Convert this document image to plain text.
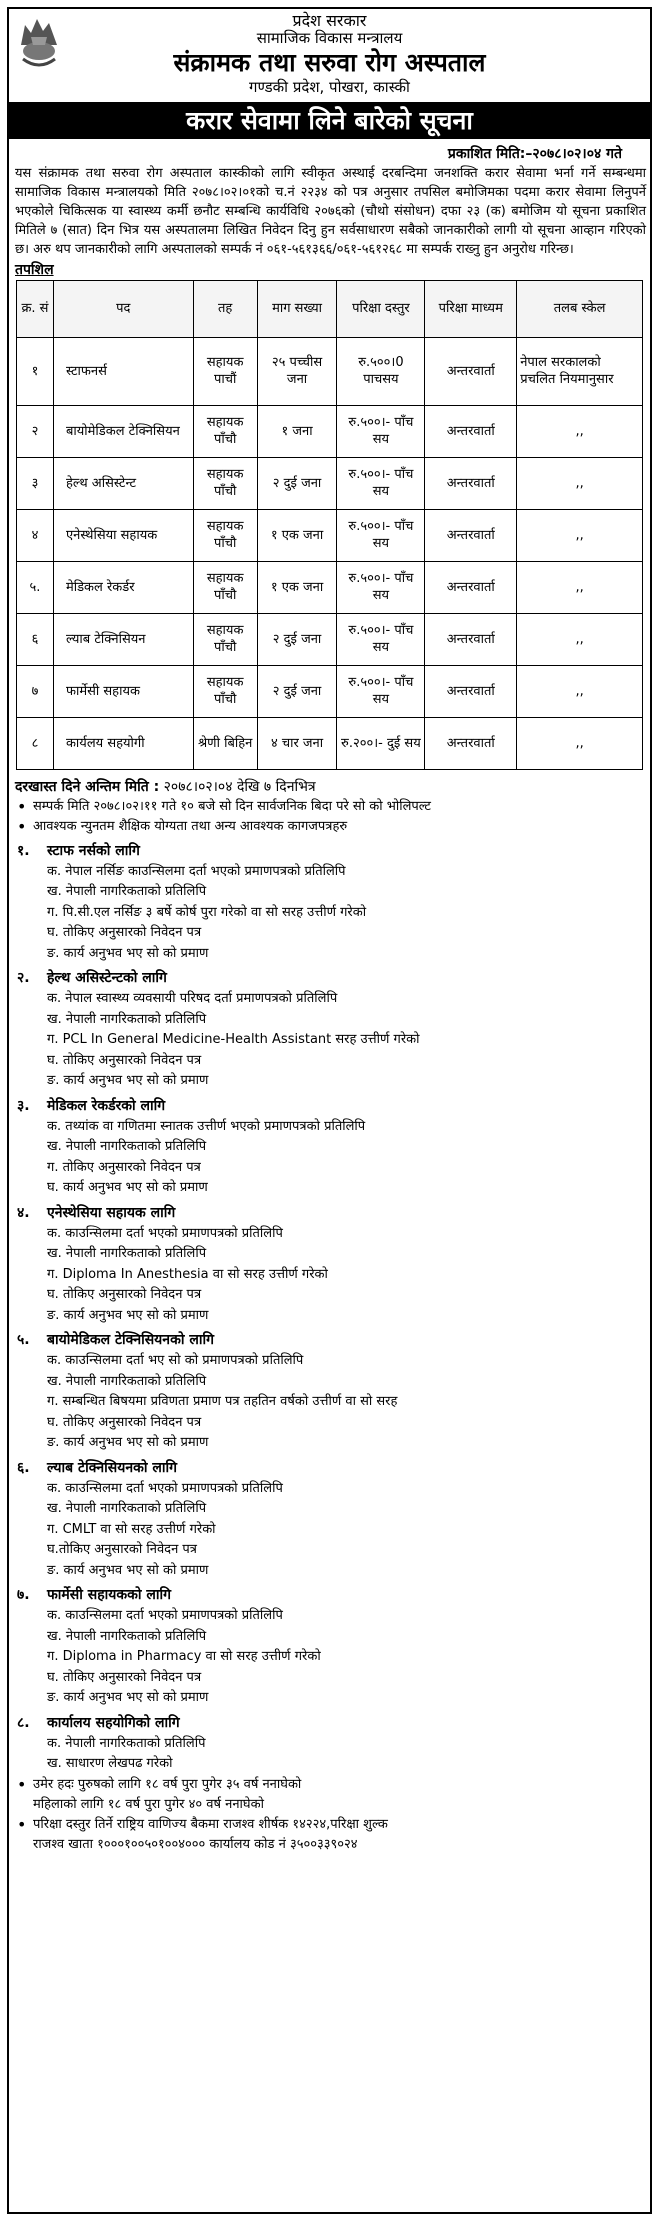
प्रदेश सरकार
सामाजिक विकास मन्त्रालय
संक्रामक तथा सरुवा रोग अस्पताल
गण्डकी प्रदेश, पोखरा, कास्की
करार सेवामा लिने बारेको सूचना
प्रकाशित मिति:–२०७८।०२।०४ गते
यस संक्रामक तथा सरुवा रोग अस्पताल कास्कीको लागि स्वीकृत अस्थाई दरबन्दिमा जनशक्ति करार सेवामा भर्ना गर्ने सम्बन्धमा सामाजिक विकास मन्त्रालयको मिति २०७८।०२।०१को च.नं २२३४ को पत्र अनुसार तपसिल बमोजिमका पदमा करार सेवामा लिनुपर्ने भएकोले चिकित्सक या स्वास्थ्य कर्मी छनौट सम्बन्धि कार्यविधि २०७६को (चौथो संसोधन) दफा २३ (क) बमोजिम यो सूचना प्रकाशित मितिले ७ (सात) दिन भित्र यस अस्पतालमा लिखित निवेदन दिनु हुन सर्वसाधारण सबैको जानकारीको लागी यो सूचना आव्हान गरिएको छ। अरु थप जानकारीको लागि अस्पतालको सम्पर्क नं ०६१-५६१३६६/०६१-५६१२६८ मा सम्पर्क राख्नु हुन अनुरोध गरिन्छ।
तपशिल
क्र. सं	पद	तह	माग सख्या	परिक्षा दस्तुर	परिक्षा माध्यम	तलब स्केल
१	स्टाफनर्स	सहायक पाचौं	२५ पच्चीस जना	रु.५००।0 पाचसय	अन्तरवार्ता	नेपाल सरकालको प्रचलित नियमानुसार
२	बायोमेडिकल टेक्निसियन	सहायक पाँचौ	१ जना	रु.५००।- पाँच सय	अन्तरवार्ता	,,
३	हेल्थ असिस्टेन्ट	सहायक पाँचौ	२ दुई जना	रु.५००।- पाँच सय	अन्तरवार्ता	,,
४	एनेस्थेसिया सहायक	सहायक पाँचौ	१ एक जना	रु.५००।- पाँच सय	अन्तरवार्ता	,,
५.	मेडिकल रेकर्डर	सहायक पाँचौ	१ एक जना	रु.५००।- पाँच सय	अन्तरवार्ता	,,
६	ल्याब टेक्निसियन	सहायक पाँचौ	२ दुई जना	रु.५००।- पाँच सय	अन्तरवार्ता	,,
७	फार्मेसी सहायक	सहायक पाँचौ	२ दुई जना	रु.५००।- पाँच सय	अन्तरवार्ता	,,
८	कार्यलय सहयोगी	श्रेणी बिहिन	४ चार जना	रु.२००।- दुई सय	अन्तरवार्ता	,,
दरखास्त दिने अन्तिम मिति : २०७८।०२।०४ देखि ७ दिनभित्र
• सम्पर्क मिति २०७८।०२।११ गते १० बजे सो दिन सार्वजनिक बिदा परे सो को भोलिपल्ट
• आवश्यक न्युनतम शैक्षिक योग्यता तथा अन्य आवश्यक कागजपत्रहरु
१. स्टाफ नर्सको लागि
क. नेपाल नर्सिङ काउन्सिलमा दर्ता भएको प्रमाणपत्रको प्रतिलिपि
ख. नेपाली नागरिकताको प्रतिलिपि
ग. पि.सी.एल नर्सिङ ३ बर्षे कोर्ष पुरा गरेको वा सो सरह उत्तीर्ण गरेको
घ. तोकिए अनुसारको निवेदन पत्र
ङ. कार्य अनुभव भए सो को प्रमाण
२. हेल्थ असिस्टेन्टको लागि
क. नेपाल स्वास्थ्य व्यवसायी परिषद दर्ता प्रमाणपत्रको प्रतिलिपि
ख. नेपाली नागरिकताको प्रतिलिपि
ग. PCL In General Medicine-Health Assistant सरह उत्तीर्ण गरेको
घ. तोकिए अनुसारको निवेदन पत्र
ङ. कार्य अनुभव भए सो को प्रमाण
३. मेडिकल रेकर्डरको लागि
क. तथ्यांक वा गणितमा स्नातक उत्तीर्ण भएको प्रमाणपत्रको प्रतिलिपि
ख. नेपाली नागरिकताको प्रतिलिपि
ग. तोकिए अनुसारको निवेदन पत्र
घ. कार्य अनुभव भए सो को प्रमाण
४. एनेस्थेसिया सहायक लागि
क. काउन्सिलमा दर्ता भएको प्रमाणपत्रको प्रतिलिपि
ख. नेपाली नागरिकताको प्रतिलिपि
ग. Diploma In Anesthesia वा सो सरह उत्तीर्ण गरेको
घ. तोकिए अनुसारको निवेदन पत्र
ङ. कार्य अनुभव भए सो को प्रमाण
५. बायोमेडिकल टेक्निसियनको लागि
क. काउन्सिलमा दर्ता भए सो को प्रमाणपत्रको प्रतिलिपि
ख. नेपाली नागरिकताको प्रतिलिपि
ग. सम्बन्धित बिषयमा प्रविणता प्रमाण पत्र तहतिन वर्षको उत्तीर्ण वा सो सरह
घ. तोकिए अनुसारको निवेदन पत्र
ङ. कार्य अनुभव भए सो को प्रमाण
६. ल्याब टेक्निसियनको लागि
क. काउन्सिलमा दर्ता भएको प्रमाणपत्रको प्रतिलिपि
ख. नेपाली नागरिकताको प्रतिलिपि
ग. CMLT वा सो सरह उत्तीर्ण गरेको
घ.तोकिए अनुसारको निवेदन पत्र
ङ. कार्य अनुभव भए सो को प्रमाण
७. फार्मेसी सहायकको लागि
क. काउन्सिलमा दर्ता भएको प्रमाणपत्रको प्रतिलिपि
ख. नेपाली नागरिकताको प्रतिलिपि
ग. Diploma in Pharmacy वा सो सरह उत्तीर्ण गरेको
घ. तोकिए अनुसारको निवेदन पत्र
ङ. कार्य अनुभव भए सो को प्रमाण
८. कार्यालय सहयोगिको लागि
क. नेपाली नागरिकताको प्रतिलिपि
ख. साधारण लेखपढ गरेको
• उमेर हदः पुरुषको लागि १८ वर्ष पुरा पुगेर ३५ वर्ष ननाघेको
महिलाको लागि १८ वर्ष पुरा पुगेर ४० वर्ष ननाघेको
• परिक्षा दस्तुर तिर्ने राष्ट्रिय वाणिज्य बैकमा राजश्व शीर्षक १४२२४,परिक्षा शुल्क
राजश्व खाता १०००१००५०१००४००० कार्यालय कोड नं ३५००३३९०२४
